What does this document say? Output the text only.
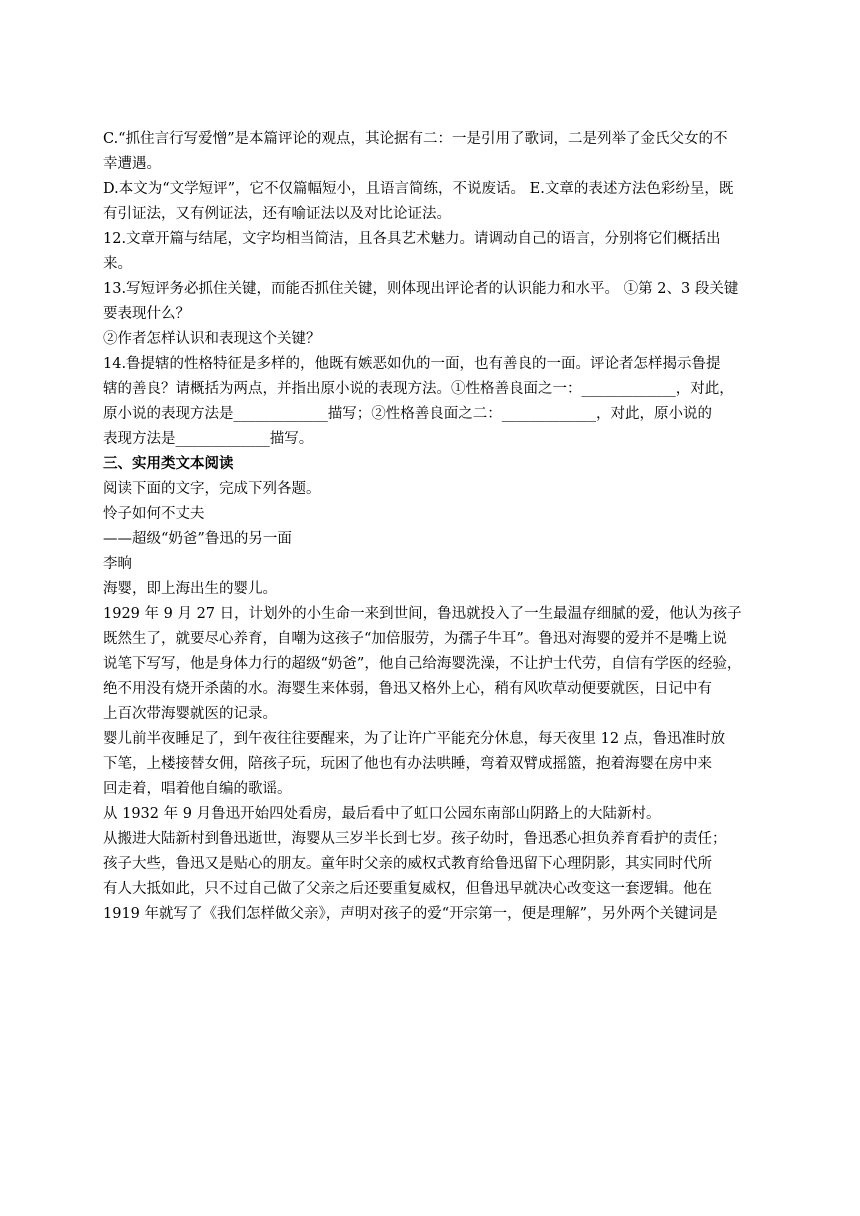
C.“抓住言行写爱憎”是本篇评论的观点，其论据有二：一是引用了歌词，二是列举了金氏父女的不
幸遭遇。
D.本文为“文学短评”，它不仅篇幅短小，且语言简练，不说废话。 E.文章的表述方法色彩纷呈，既
有引证法，又有例证法，还有喻证法以及对比论证法。
12.文章开篇与结尾，文字均相当简洁，且各具艺术魅力。请调动自己的语言，分别将它们概括出
来。
13.写短评务必抓住关键，而能否抓住关键，则体现出评论者的认识能力和水平。 ①第 2、3 段关键
要表现什么？
②作者怎样认识和表现这个关键？
14.鲁提辖的性格特征是多样的，他既有嫉恶如仇的一面，也有善良的一面。评论者怎样揭示鲁提
辖的善良？请概括为两点，并指出原小说的表现方法。①性格善良面之一：_____________，对此，
原小说的表现方法是_____________描写；②性格善良面之二：_____________，对此，原小说的
表现方法是_____________描写。
三、实用类文本阅读
阅读下面的文字，完成下列各题。
怜子如何不丈夫
——超级“奶爸”鲁迅的另一面
李晌
海婴，即上海出生的婴儿。
1929 年 9 月 27 日，计划外的小生命一来到世间，鲁迅就投入了一生最温存细腻的爱，他认为孩子
既然生了，就要尽心养育，自嘲为这孩子“加倍服劳，为孺子牛耳”。鲁迅对海婴的爱并不是嘴上说
说笔下写写，他是身体力行的超级“奶爸”，他自己给海婴洗澡，不让护士代劳，自信有学医的经验，
绝不用没有烧开杀菌的水。海婴生来体弱，鲁迅又格外上心，稍有风吹草动便要就医，日记中有
上百次带海婴就医的记录。
婴儿前半夜睡足了，到午夜往往要醒来，为了让许广平能充分休息，每天夜里 12 点，鲁迅准时放
下笔，上楼接替女佣，陪孩子玩，玩困了他也有办法哄睡，弯着双臂成摇篮，抱着海婴在房中来
回走着，唱着他自编的歌谣。
从 1932 年 9 月鲁迅开始四处看房，最后看中了虹口公园东南部山阴路上的大陆新村。
从搬进大陆新村到鲁迅逝世，海婴从三岁半长到七岁。孩子幼时，鲁迅悉心担负养育看护的责任；
孩子大些，鲁迅又是贴心的朋友。童年时父亲的威权式教育给鲁迅留下心理阴影，其实同时代所
有人大抵如此，只不过自己做了父亲之后还要重复威权，但鲁迅早就决心改变这一套逻辑。他在
1919 年就写了《我们怎样做父亲》，声明对孩子的爱“开宗第一，便是理解”，另外两个关键词是
